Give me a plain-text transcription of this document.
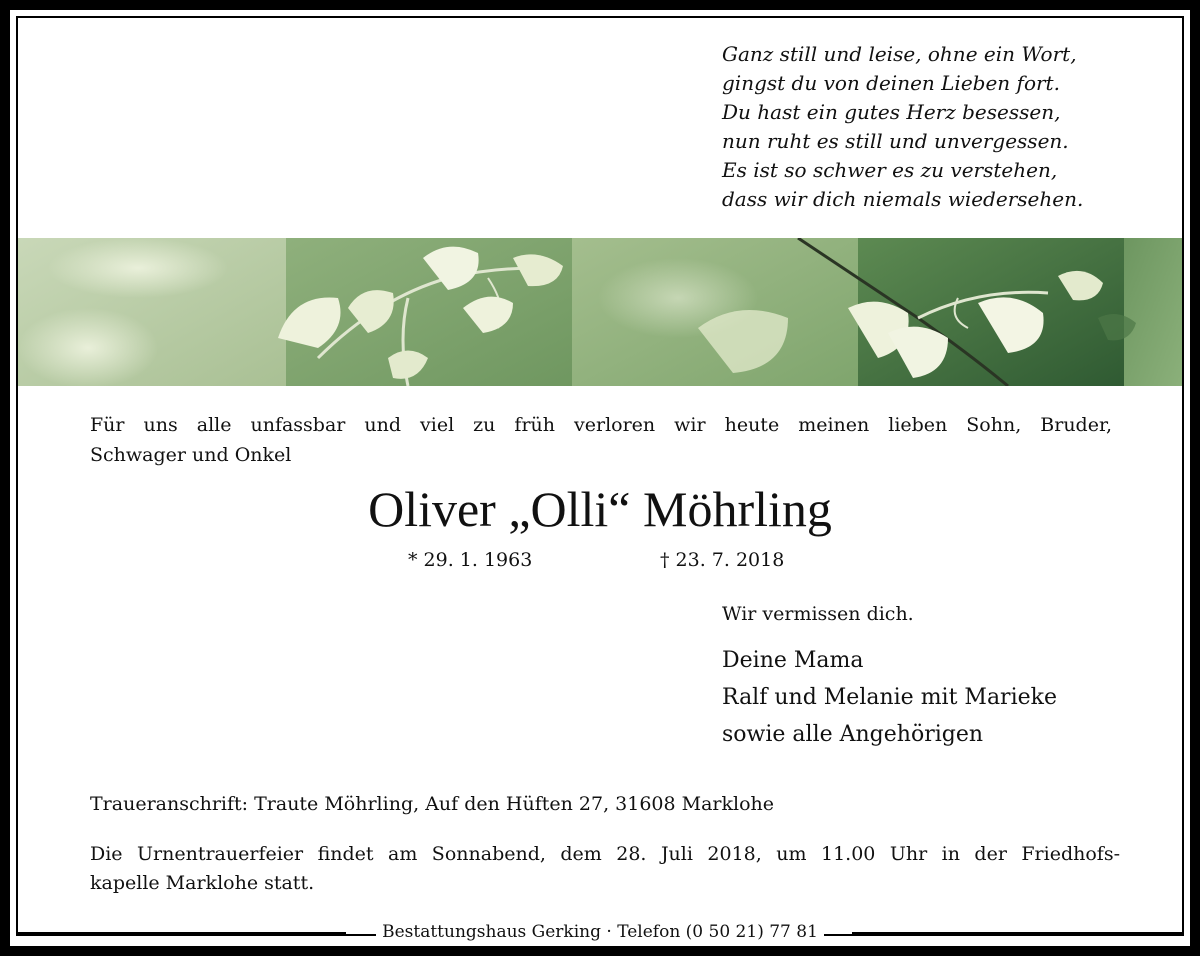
Ganz still und leise, ohne ein Wort,
gingst du von deinen Lieben fort.
Du hast ein gutes Herz besessen,
nun ruht es still und unvergessen.
Es ist so schwer es zu verstehen,
dass wir dich niemals wiedersehen.
Für uns alle unfassbar und viel zu früh verloren wir heute meinen lieben Sohn, Bruder,
Schwager und Onkel
Oliver „Olli“ Möhrling
* 29. 1. 1963	† 23. 7. 2018
Wir vermissen dich.
Deine Mama
Ralf und Melanie mit Marieke
sowie alle Angehörigen
Traueranschrift: Traute Möhrling, Auf den Hüften 27, 31608 Marklohe
Die Urnentrauerfeier findet am Sonnabend, dem 28. Juli 2018, um 11.00 Uhr in der Friedhofs-
kapelle Marklohe statt.
Bestattungshaus Gerking · Telefon (0 50 21) 77 81
